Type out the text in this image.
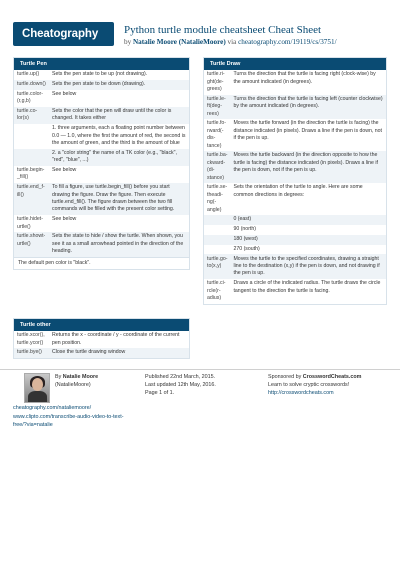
Cheatography	Python turtle module cheatsheet Cheat Sheet
by Natalie Moore (NatalieMoore) via cheatography.com/19119/cs/3751/
Turtle Pen
turtle.up()	Sets the pen state to be up (not drawing).
turtle.down()	Sets the pen state to be down (drawing).
turtle.color-(r,g,b)	See below
turtle.co-lor(s)	Sets the color that the pen will draw until the color is changed. It takes either
	1. three arguments, each a floating point number between 0.0 — 1.0, where the first the amount of red, the second is the amount of green, and the third is the amount of blue
	2. a "color string" the name of a TK color (e.g., "black", "red", "blue", ...)
turtle.begin-_fill()	See below
turtle.end_f-ill()	To fill a figure, use turtle.begin_fill() before you start drawing the figure. Draw the figure. Then execute turtle.end_fill(). The figure drawn between the two fill commands will be filled with the present color setting.
turtle.hidet-urtle()	See below
turtle.showt-urtle()	Sets the state to hide / show the turtle. When shown, you see it as a small arrowhead pointed in the direction of the heading.
The default pen color is "black".
Turtle other
turtle.xcor(), turtle.ycor()	Returns the x - coordinate / y - coordinate of the current pen position.
turtle.bye()	Close the turtle drawing window
Turtle Draw
turtle.ri-ght(de-grees)	Turns the direction that the turtle is facing right (clock-wise) by the amount indicated (in degrees).
turtle.le-ft(deg-rees)	Turns the direction that the turtle is facing left (counter clockwise) by the amount indicated (in degrees).
turtle.fo-rward(-dis-tance)	Moves the turtle forward (in the direction the turtle is facing) the distance indicated (in pixels). Draws a line if the pen is down, not if the pen is up.
turtle.ba-ckward-(di-stance)	Moves the turtle backward (in the direction opposite to how the turtle is facing) the distance indicated (in pixels). Draws a line if the pen is down, not if the pen is up.
turtle.se-theadi-ng(-angle)	Sets the orientation of the turtle to angle. Here are some common directions in degrees:
	0 (east)
	90 (north)
	180 (west)
	270 (south)
turtle.go-to(x,y)	Moves the turtle to the specified coordinates, drawing a straight line to the destination (x,y) if the pen is down, and not drawing if the pen is up.
turtle.ci-rcle(r-adius)	Draws a circle of the indicated radius. The turtle draws the circle tangent to the direction the turtle is facing.
By Natalie Moore
(NatalieMoore)
cheatography.com/nataliemoore/
www.clipto.com/transcribe-audio-video-to-text-free/?via=natalie
Published 22nd March, 2015.
Last updated 12th May, 2016.
Page 1 of 1.
Sponsored by CrosswordCheats.com
Learn to solve cryptic crosswords!
http://crosswordcheats.com
